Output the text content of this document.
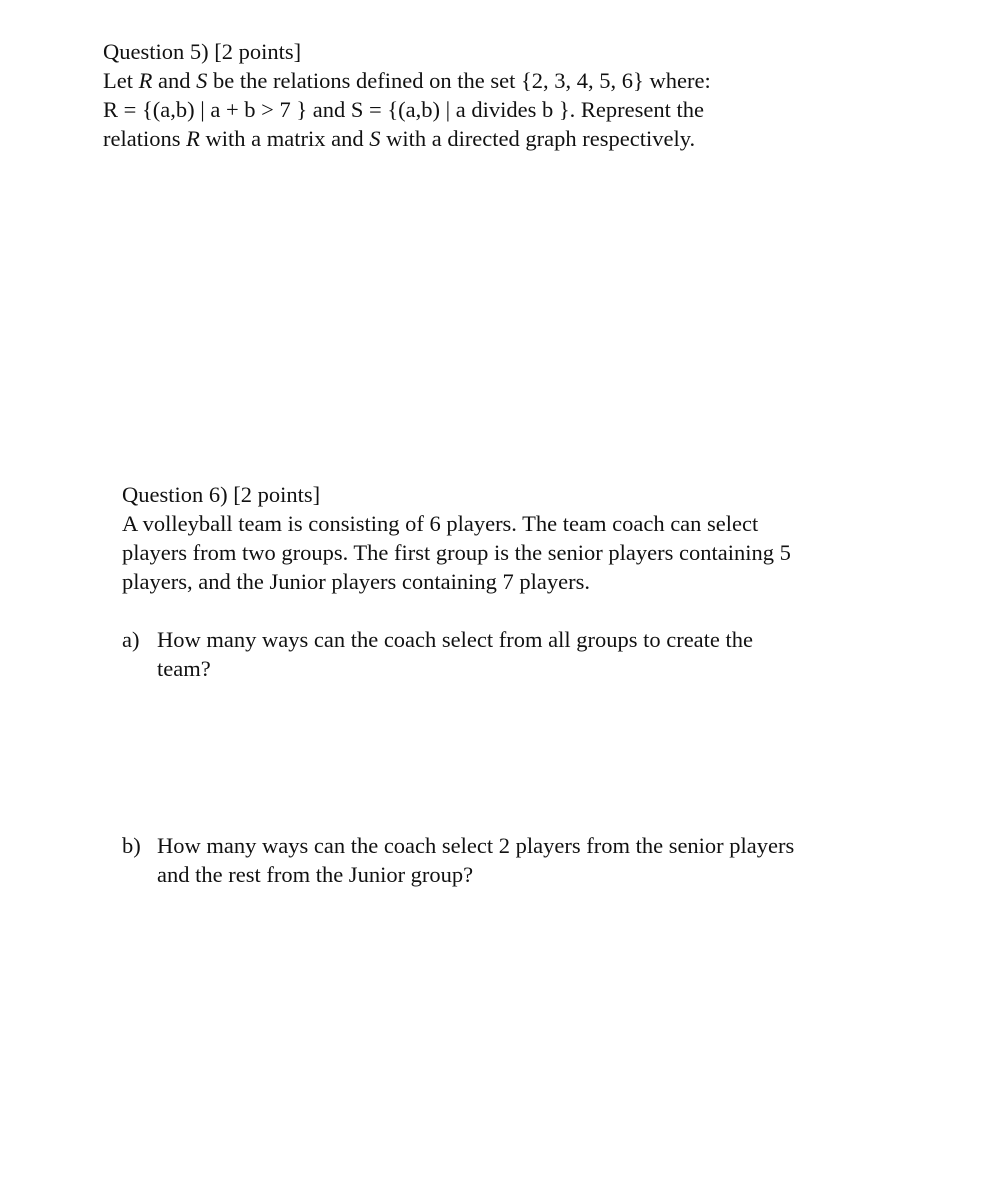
Question 5) [2 points]
Let R and S be the relations defined on the set {2, 3, 4, 5, 6} where:
R = {(a,b) | a + b > 7 } and S = {(a,b) | a divides b }. Represent the
relations R with a matrix and S with a directed graph respectively.
Question 6) [2 points]
A volleyball team is consisting of 6 players. The team coach can select
players from two groups. The first group is the senior players containing 5
players, and the Junior players containing 7 players.
a) How many ways can the coach select from all groups to create the
team?
b) How many ways can the coach select 2 players from the senior players
and the rest from the Junior group?
